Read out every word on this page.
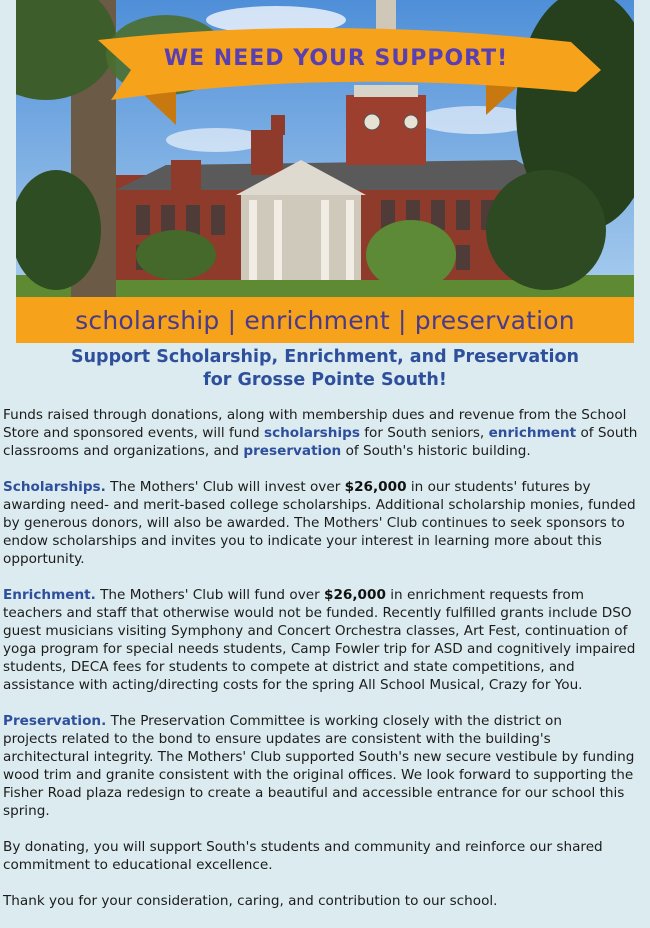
WE NEED YOUR SUPPORT!
scholarship | enrichment | preservation
Support Scholarship, Enrichment, and Preservation
for Grosse Pointe South!

Funds raised through donations, along with membership dues and revenue from the School Store and sponsored events, will fund scholarships for South seniors, enrichment of South classrooms and organizations, and preservation of South's historic building.

Scholarships. The Mothers' Club will invest over $26,000 in our students' futures by awarding need- and merit-based college scholarships. Additional scholarship monies, funded by generous donors, will also be awarded. The Mothers' Club continues to seek sponsors to endow scholarships and invites you to indicate your interest in learning more about this opportunity.

Enrichment. The Mothers' Club will fund over $26,000 in enrichment requests from teachers and staff that otherwise would not be funded. Recently fulfilled grants include DSO guest musicians visiting Symphony and Concert Orchestra classes, Art Fest, continuation of yoga program for special needs students, Camp Fowler trip for ASD and cognitively impaired students, DECA fees for students to compete at district and state competitions, and assistance with acting/directing costs for the spring All School Musical, Crazy for You.

Preservation. The Preservation Committee is working closely with the district on
projects related to the bond to ensure updates are consistent with the building's
architectural integrity. The Mothers' Club supported South's new secure vestibule by funding wood trim and granite consistent with the original offices. We look forward to supporting the Fisher Road plaza redesign to create a beautiful and accessible entrance for our school this spring.

By donating, you will support South's students and community and reinforce our shared commitment to educational excellence.

Thank you for your consideration, caring, and contribution to our school.
